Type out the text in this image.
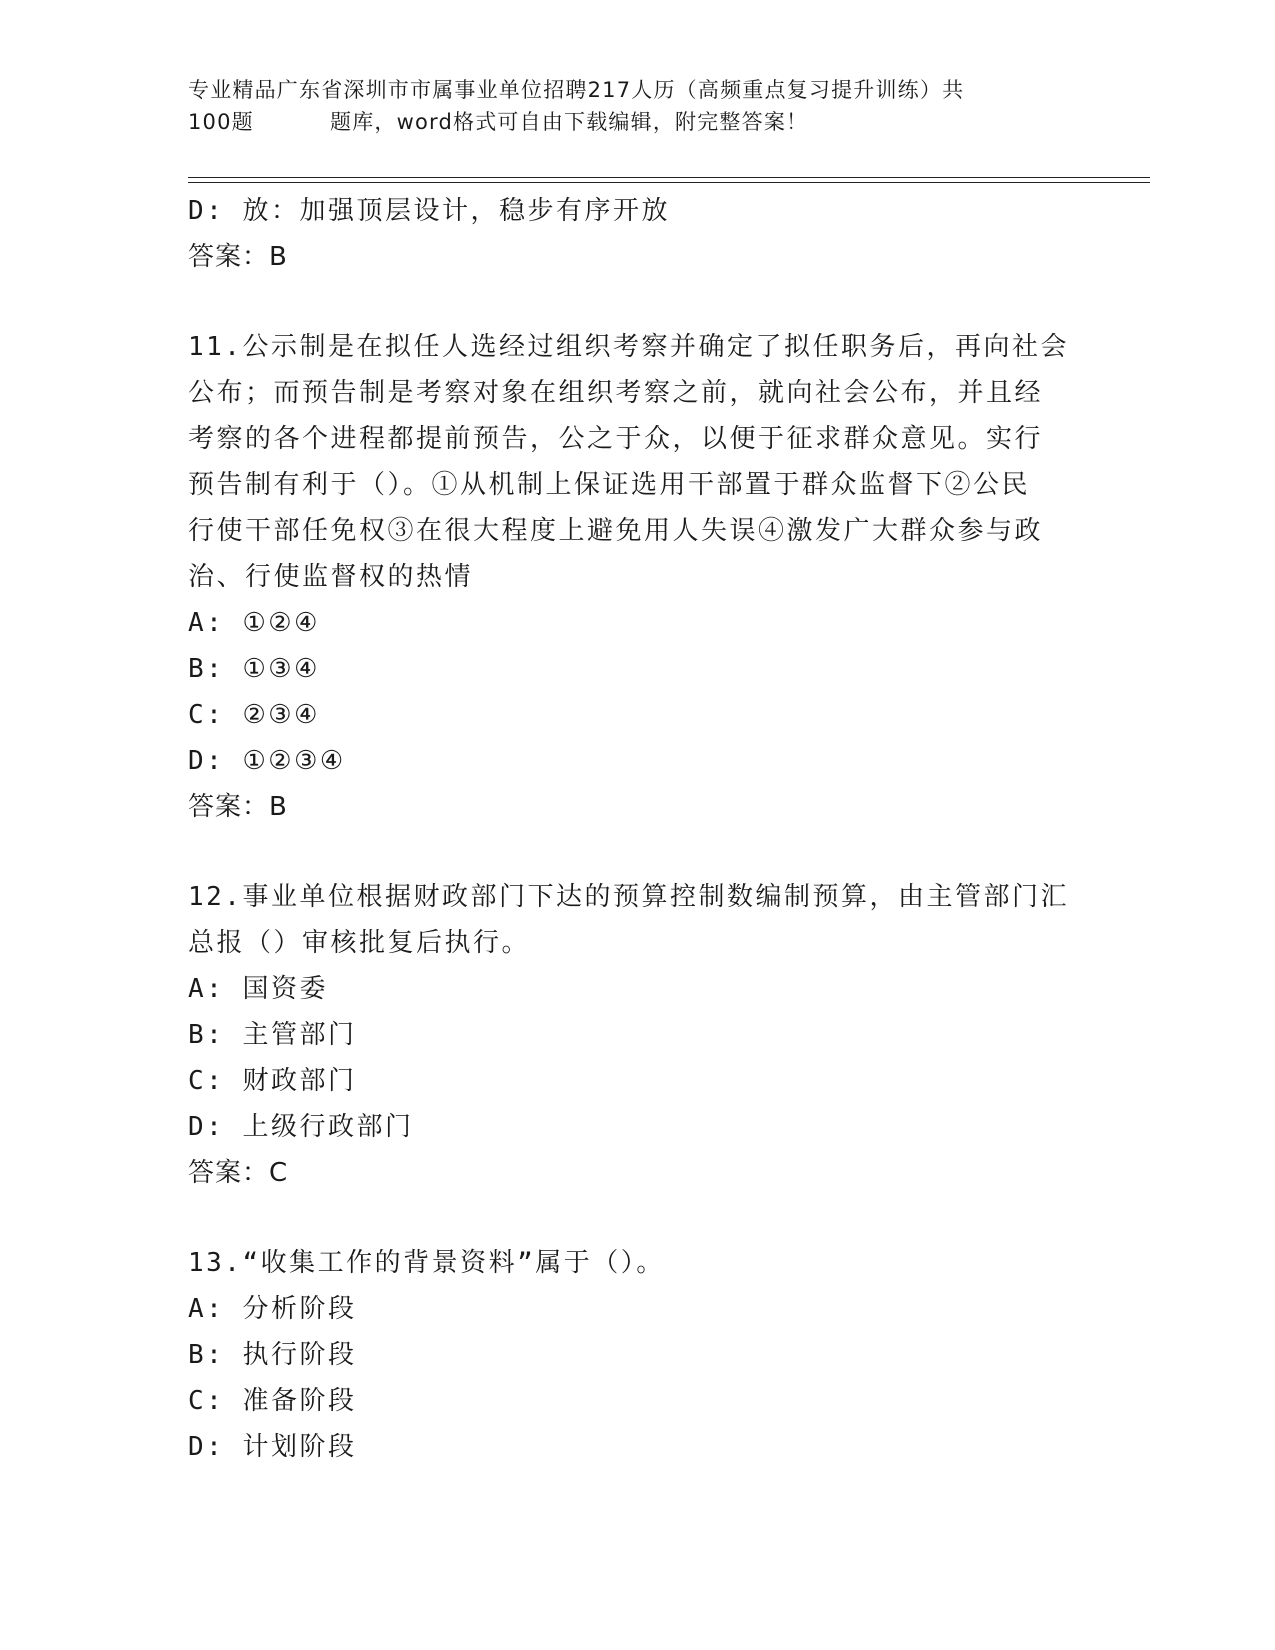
专业精品广东省深圳市市属事业单位招聘217人历（高频重点复习提升训练）共
100题	题库，word格式可自由下载编辑，附完整答案！
D: 放：加强顶层设计，稳步有序开放
答案：B
11.公示制是在拟任人选经过组织考察并确定了拟任职务后，再向社会
公布；而预告制是考察对象在组织考察之前，就向社会公布，并且经
考察的各个进程都提前预告，公之于众，以便于征求群众意见。实行
预告制有利于（）。①从机制上保证选用干部置于群众监督下②公民
行使干部任免权③在很大程度上避免用人失误④激发广大群众参与政
治、行使监督权的热情
A: ①②④
B: ①③④
C: ②③④
D: ①②③④
答案：B
12.事业单位根据财政部门下达的预算控制数编制预算，由主管部门汇
总报（）审核批复后执行。
A: 国资委
B: 主管部门
C: 财政部门
D: 上级行政部门
答案：C
13.“收集工作的背景资料”属于（）。
A: 分析阶段
B: 执行阶段
C: 准备阶段
D: 计划阶段
